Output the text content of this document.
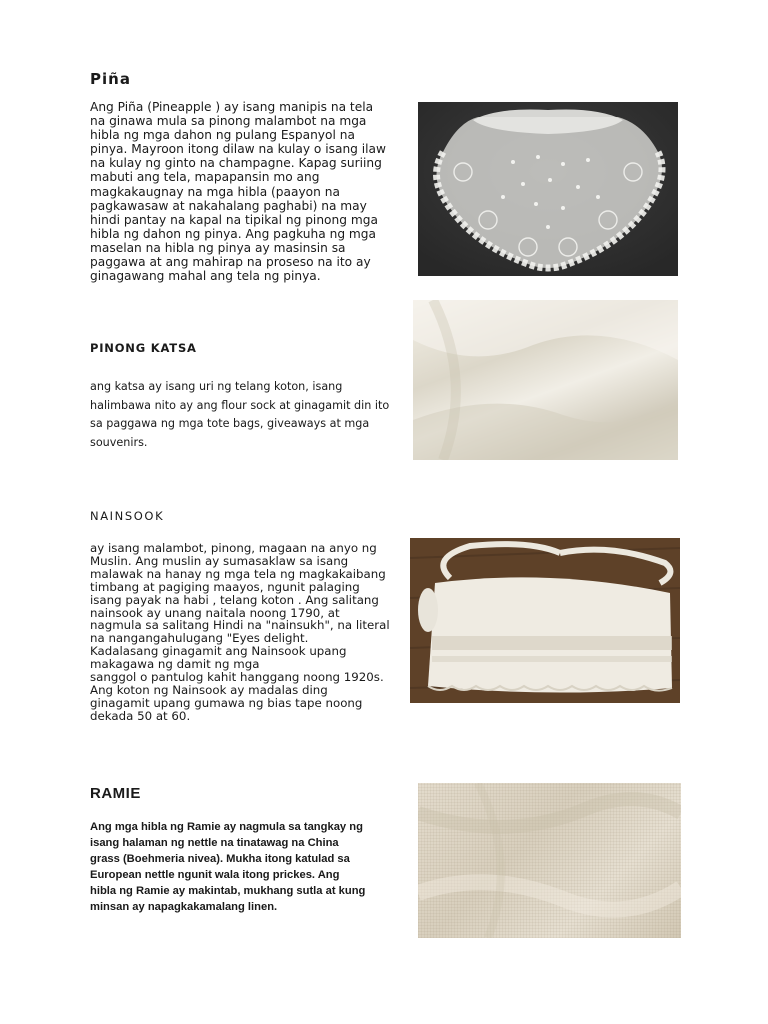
Piña
Ang Piña (Pineapple ) ay isang manipis na tela
na ginawa mula sa pinong malambot na mga
hibla ng mga dahon ng pulang Espanyol na
pinya. Mayroon itong dilaw na kulay o isang ilaw
na kulay ng ginto na champagne. Kapag suriing
mabuti ang tela, mapapansin mo ang
magkakaugnay na mga hibla (paayon na
pagkawasaw at nakahalang paghabi) na may
hindi pantay na kapal na tipikal ng pinong mga
hibla ng dahon ng pinya. Ang pagkuha ng mga
maselan na hibla ng pinya ay masinsin sa
paggawa at ang mahirap na proseso na ito ay
ginagawang mahal ang tela ng pinya.
PINONG KATSA
ang katsa ay isang uri ng telang koton, isang
halimbawa nito ay ang flour sock at ginagamit din ito
sa paggawa ng mga tote bags, giveaways at mga
souvenirs.
NAINSOOK
ay isang malambot, pinong, magaan na anyo ng
Muslin. Ang muslin ay sumasaklaw sa isang
malawak na hanay ng mga tela ng magkakaibang
timbang at pagiging maayos, ngunit palaging
isang payak na habi , telang koton . Ang salitang
nainsook ay unang naitala noong 1790, at
nagmula sa salitang Hindi na "nainsukh", na literal
na nangangahulugang "Eyes delight.
Kadalasang ginagamit ang Nainsook upang
makagawa ng damit ng mga
sanggol o pantulog kahit hanggang noong 1920s.
Ang koton ng Nainsook ay madalas ding
ginagamit upang gumawa ng bias tape noong
dekada 50 at 60.
RAMIE
Ang mga hibla ng Ramie ay nagmula sa tangkay ng
isang halaman ng nettle na tinatawag na China
grass (Boehmeria nivea). Mukha itong katulad sa
European nettle ngunit wala itong prickes. Ang
hibla ng Ramie ay makintab, mukhang sutla at kung
minsan ay napagkakamalang linen.
